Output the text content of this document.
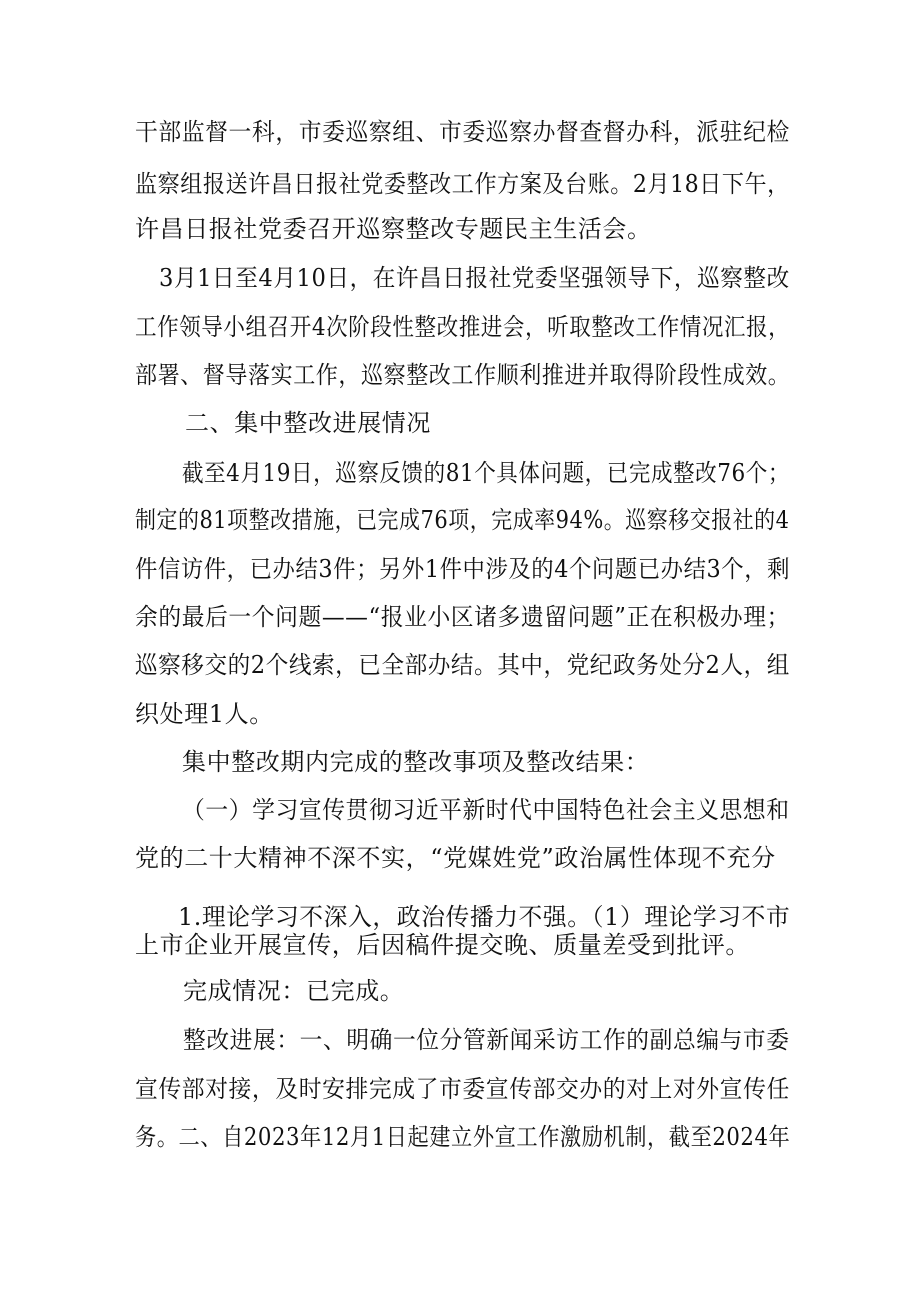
干部监督一科，市委巡察组、市委巡察办督查督办科，派驻纪检
监察组报送许昌日报社党委整改工作方案及台账。2月18日下午，
许昌日报社党委召开巡察整改专题民主生活会。
3月1日至4月10日，在许昌日报社党委坚强领导下，巡察整改
工作领导小组召开4次阶段性整改推进会，听取整改工作情况汇报，
部署、督导落实工作，巡察整改工作顺利推进并取得阶段性成效。
二、集中整改进展情况
截至4月19日，巡察反馈的81个具体问题，已完成整改76个；
制定的81项整改措施，已完成76项，完成率94%。巡察移交报社的4
件信访件，已办结3件；另外1件中涉及的4个问题已办结3个，剩
余的最后一个问题——“报业小区诸多遗留问题”正在积极办理；
巡察移交的2个线索，已全部办结。其中，党纪政务处分2人，组
织处理1人。
集中整改期内完成的整改事项及整改结果：
（一）学习宣传贯彻习近平新时代中国特色社会主义思想和
党的二十大精神不深不实，“党媒姓党”政治属性体现不充分
1.理论学习不深入，政治传播力不强。（1）理论学习不市
上市企业开展宣传，后因稿件提交晚、质量差受到批评。
完成情况：已完成。
整改进展：一、明确一位分管新闻采访工作的副总编与市委
宣传部对接，及时安排完成了市委宣传部交办的对上对外宣传任
务。二、自2023年12月1日起建立外宣工作激励机制，截至2024年
